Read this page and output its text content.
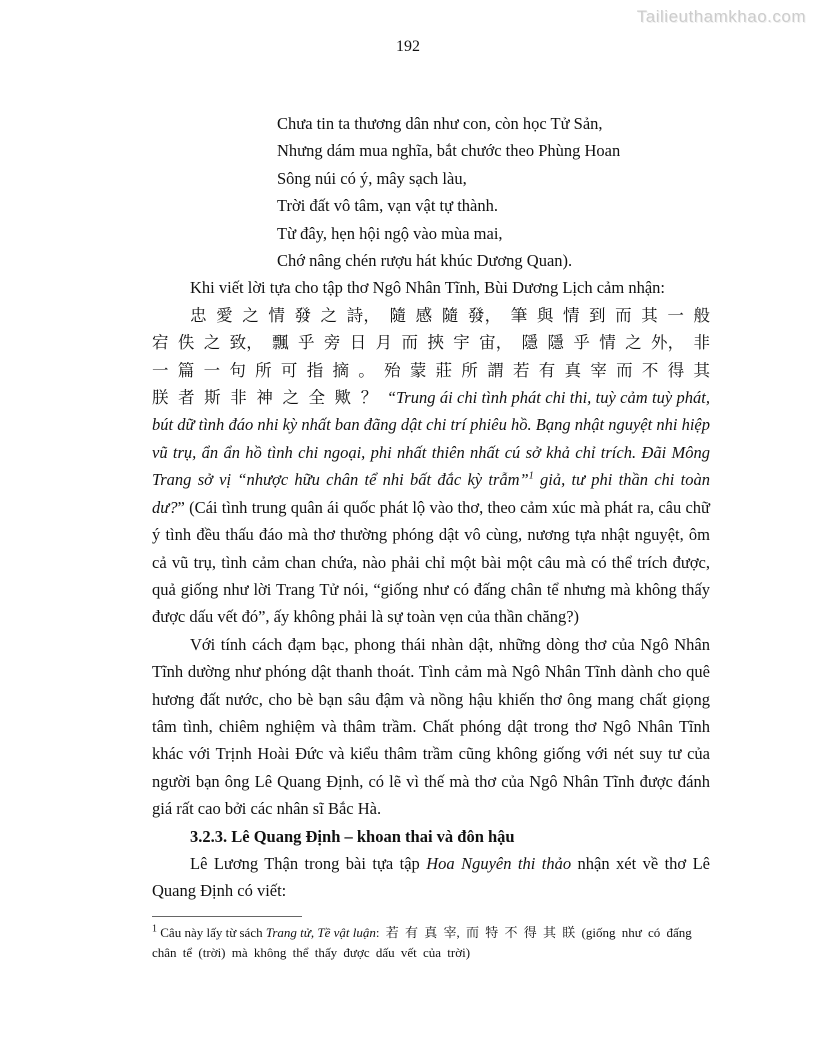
Tailieuthamkhao.com
192
Chưa tin ta thương dân như con, còn học Tử Sản,
Nhưng dám mua nghĩa, bắt chước theo Phùng Hoan
Sông núi có ý, mây sạch làu,
Trời đất vô tâm, vạn vật tự thành.
Từ đây, hẹn hội ngộ vào mùa mai,
Chớ nâng chén rượu hát khúc Dương Quan).

Khi viết lời tựa cho tập thơ Ngô Nhân Tĩnh, Bùi Dương Lịch cảm nhận:

忠 愛 之 情 發 之 詩， 隨 感 隨 發， 筆 與 情 到 而 其 一 般 宕 佚 之 致， 飄 乎 旁 日 月 而 挾 宇 宙， 隱 隱 乎 情 之 外， 非 一 篇 一 句 所 可 指 摘 。 殆 蒙 莊 所 謂 若 有 真 宰 而 不 得 其 朕 者 斯 非 神 之 全 歟 ？ “Trung ái chi tình phát chi thi, tuỳ cảm tuỳ phát, bút dữ tình đáo nhi kỳ nhất ban đãng dật chi trí phiêu hồ. Bạng nhật nguyệt nhi hiệp vũ trụ, ẩn ẩn hồ tình chi ngoại, phi nhất thiên nhất cú sở khả chỉ trích. Đãi Mông Trang sở vị “nhược hữu chân tể nhi bất đắc kỳ trẫm”$^1$ giả, tư phi thần chi toàn dư?” (Cái tình trung quân ái quốc phát lộ vào thơ, theo cảm xúc mà phát ra, câu chữ ý tình đều thấu đáo mà thơ thường phóng dật vô cùng, nương tựa nhật nguyệt, ôm cả vũ trụ, tình cảm chan chứa, nào phải chỉ một bài một câu mà có thể trích được, quả giống như lời Trang Tử nói, “giống như có đấng chân tể nhưng mà không thấy được dấu vết đó”, ấy không phải là sự toàn vẹn của thần chăng?)

Với tính cách đạm bạc, phong thái nhàn dật, những dòng thơ của Ngô Nhân Tĩnh dường như phóng dật thanh thoát. Tình cảm mà Ngô Nhân Tĩnh dành cho quê hương đất nước, cho bè bạn sâu đậm và nồng hậu khiến thơ ông mang chất giọng tâm tình, chiêm nghiệm và thâm trầm. Chất phóng dật trong thơ Ngô Nhân Tĩnh khác với Trịnh Hoài Đức và kiểu thâm trầm cũng không giống với nét suy tư của người bạn ông Lê Quang Định, có lẽ vì thế mà thơ của Ngô Nhân Tĩnh được đánh giá rất cao bởi các nhân sĩ Bắc Hà.

3.2.3. Lê Quang Định – khoan thai và đôn hậu

Lê Lương Thận trong bài tựa tập Hoa Nguyên thi thảo nhận xét về thơ Lê Quang Định có viết:

$^1$ Câu này lấy từ sách Trang tử, Tề vật luận: 若 有 真 宰, 而 特 不 得 其 眹 (giống như có đấng chân tể (trời) mà không thể thấy được dấu vết của trời)
